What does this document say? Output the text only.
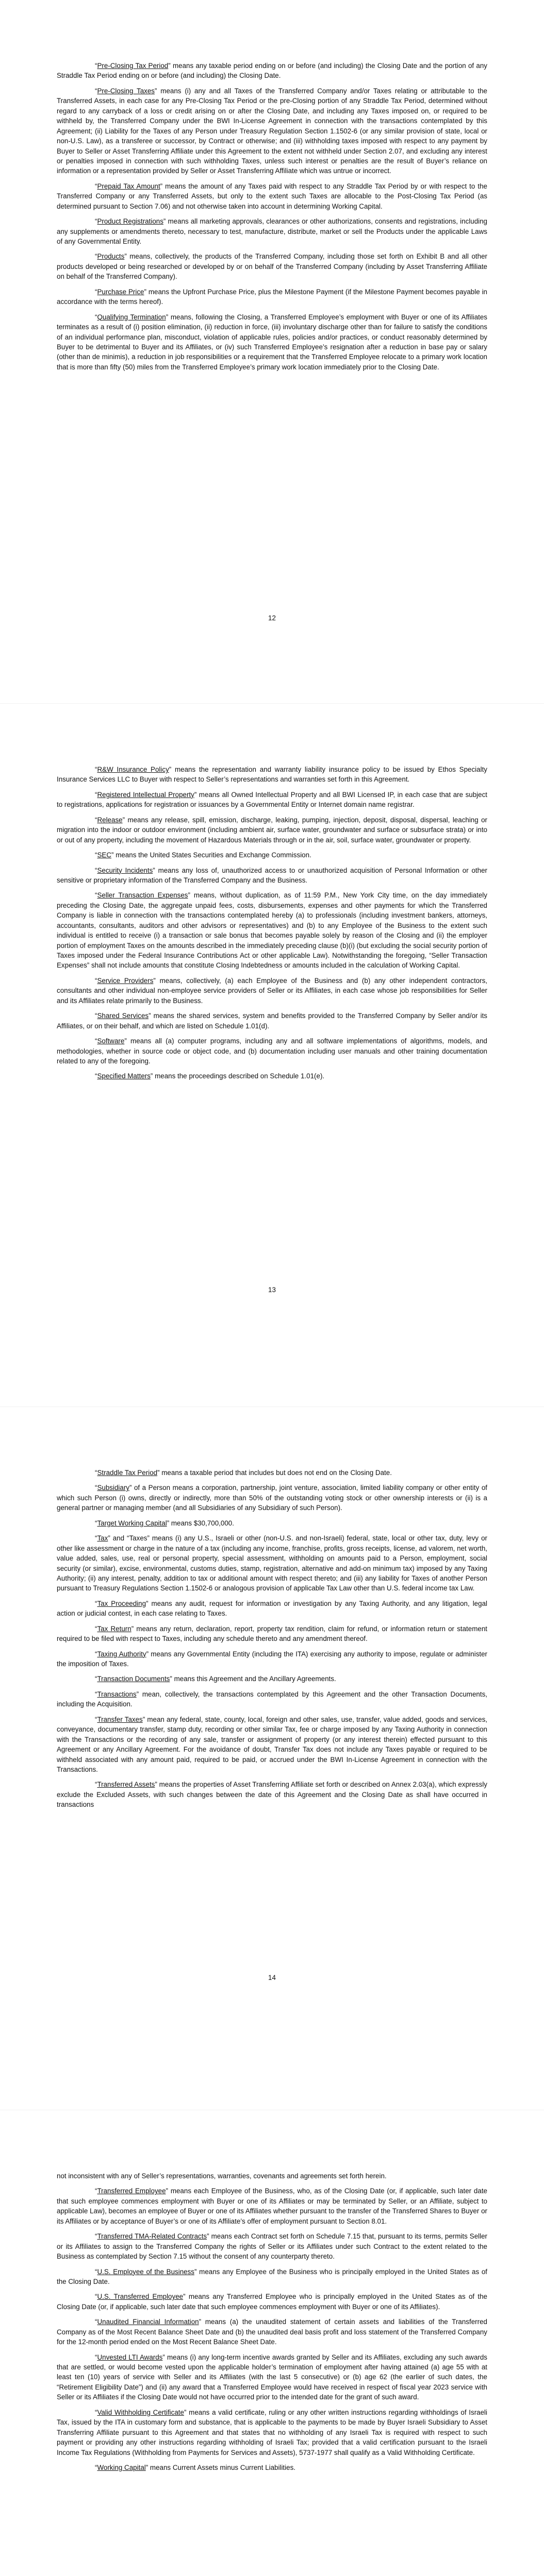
“Pre-Closing Tax Period” means any taxable period ending on or before (and including) the Closing Date and the portion of any Straddle Tax Period ending on or before (and including) the Closing Date.

“Pre-Closing Taxes” means (i) any and all Taxes of the Transferred Company and/or Taxes relating or attributable to the Transferred Assets, in each case for any Pre-Closing Tax Period or the pre-Closing portion of any Straddle Tax Period, determined without regard to any carryback of a loss or credit arising on or after the Closing Date, and including any Taxes imposed on, or required to be withheld by, the Transferred Company under the BWI In-License Agreement in connection with the transactions contemplated by this Agreement; (ii) Liability for the Taxes of any Person under Treasury Regulation Section 1.1502-6 (or any similar provision of state, local or non-U.S. Law), as a transferee or successor, by Contract or otherwise; and (iii) withholding taxes imposed with respect to any payment by Buyer to Seller or Asset Transferring Affiliate under this Agreement to the extent not withheld under Section 2.07, and excluding any interest or penalties imposed in connection with such withholding Taxes, unless such interest or penalties are the result of Buyer’s reliance on information or a representation provided by Seller or Asset Transferring Affiliate which was untrue or incorrect.

“Prepaid Tax Amount” means the amount of any Taxes paid with respect to any Straddle Tax Period by or with respect to the Transferred Company or any Transferred Assets, but only to the extent such Taxes are allocable to the Post-Closing Tax Period (as determined pursuant to Section 7.06) and not otherwise taken into account in determining Working Capital.

“Product Registrations” means all marketing approvals, clearances or other authorizations, consents and registrations, including any supplements or amendments thereto, necessary to test, manufacture, distribute, market or sell the Products under the applicable Laws of any Governmental Entity.

“Products” means, collectively, the products of the Transferred Company, including those set forth on Exhibit B and all other products developed or being researched or developed by or on behalf of the Transferred Company (including by Asset Transferring Affiliate on behalf of the Transferred Company).

“Purchase Price” means the Upfront Purchase Price, plus the Milestone Payment (if the Milestone Payment becomes payable in accordance with the terms hereof).

“Qualifying Termination” means, following the Closing, a Transferred Employee’s employment with Buyer or one of its Affiliates terminates as a result of (i) position elimination, (ii) reduction in force, (iii) involuntary discharge other than for failure to satisfy the conditions of an individual performance plan, misconduct, violation of applicable rules, policies and/or practices, or conduct reasonably determined by Buyer to be detrimental to Buyer and its Affiliates, or (iv) such Transferred Employee’s resignation after a reduction in base pay or salary (other than de minimis), a reduction in job responsibilities or a requirement that the Transferred Employee relocate to a primary work location that is more than fifty (50) miles from the Transferred Employee’s primary work location immediately prior to the Closing Date.

12

“R&W Insurance Policy” means the representation and warranty liability insurance policy to be issued by Ethos Specialty Insurance Services LLC to Buyer with respect to Seller’s representations and warranties set forth in this Agreement.

“Registered Intellectual Property” means all Owned Intellectual Property and all BWI Licensed IP, in each case that are subject to registrations, applications for registration or issuances by a Governmental Entity or Internet domain name registrar.

“Release” means any release, spill, emission, discharge, leaking, pumping, injection, deposit, disposal, dispersal, leaching or migration into the indoor or outdoor environment (including ambient air, surface water, groundwater and surface or subsurface strata) or into or out of any property, including the movement of Hazardous Materials through or in the air, soil, surface water, groundwater or property.

“SEC” means the United States Securities and Exchange Commission.

“Security Incidents” means any loss of, unauthorized access to or unauthorized acquisition of Personal Information or other sensitive or proprietary information of the Transferred Company and the Business.

“Seller Transaction Expenses” means, without duplication, as of 11:59 P.M., New York City time, on the day immediately preceding the Closing Date, the aggregate unpaid fees, costs, disbursements, expenses and other payments for which the Transferred Company is liable in connection with the transactions contemplated hereby (a) to professionals (including investment bankers, attorneys, accountants, consultants, auditors and other advisors or representatives) and (b) to any Employee of the Business to the extent such individual is entitled to receive (i) a transaction or sale bonus that becomes payable solely by reason of the Closing and (ii) the employer portion of employment Taxes on the amounts described in the immediately preceding clause (b)(i) (but excluding the social security portion of Taxes imposed under the Federal Insurance Contributions Act or other applicable Law). Notwithstanding the foregoing, “Seller Transaction Expenses” shall not include amounts that constitute Closing Indebtedness or amounts included in the calculation of Working Capital.

“Service Providers” means, collectively, (a) each Employee of the Business and (b) any other independent contractors, consultants and other individual non-employee service providers of Seller or its Affiliates, in each case whose job responsibilities for Seller and its Affiliates relate primarily to the Business.

“Shared Services” means the shared services, system and benefits provided to the Transferred Company by Seller and/or its Affiliates, or on their behalf, and which are listed on Schedule 1.01(d).

“Software” means all (a) computer programs, including any and all software implementations of algorithms, models, and methodologies, whether in source code or object code, and (b) documentation including user manuals and other training documentation related to any of the foregoing.

“Specified Matters” means the proceedings described on Schedule 1.01(e).

13

“Straddle Tax Period” means a taxable period that includes but does not end on the Closing Date.

“Subsidiary” of a Person means a corporation, partnership, joint venture, association, limited liability company or other entity of which such Person (i) owns, directly or indirectly, more than 50% of the outstanding voting stock or other ownership interests or (ii) is a general partner or managing member (and all Subsidiaries of any Subsidiary of such Person).

“Target Working Capital” means $30,700,000.

“Tax” and “Taxes” means (i) any U.S., Israeli or other (non-U.S. and non-Israeli) federal, state, local or other tax, duty, levy or other like assessment or charge in the nature of a tax (including any income, franchise, profits, gross receipts, license, ad valorem, net worth, value added, sales, use, real or personal property, special assessment, withholding on amounts paid to a Person, employment, social security (or similar), excise, environmental, customs duties, stamp, registration, alternative and add-on minimum tax) imposed by any Taxing Authority; (ii) any interest, penalty, addition to tax or additional amount with respect thereto; and (iii) any liability for Taxes of another Person pursuant to Treasury Regulations Section 1.1502-6 or analogous provision of applicable Tax Law other than U.S. federal income tax Law.

“Tax Proceeding” means any audit, request for information or investigation by any Taxing Authority, and any litigation, legal action or judicial contest, in each case relating to Taxes.

“Tax Return” means any return, declaration, report, property tax rendition, claim for refund, or information return or statement required to be filed with respect to Taxes, including any schedule thereto and any amendment thereof.

“Taxing Authority” means any Governmental Entity (including the ITA) exercising any authority to impose, regulate or administer the imposition of Taxes.

“Transaction Documents” means this Agreement and the Ancillary Agreements.

“Transactions” mean, collectively, the transactions contemplated by this Agreement and the other Transaction Documents, including the Acquisition.

“Transfer Taxes” mean any federal, state, county, local, foreign and other sales, use, transfer, value added, goods and services, conveyance, documentary transfer, stamp duty, recording or other similar Tax, fee or charge imposed by any Taxing Authority in connection with the Transactions or the recording of any sale, transfer or assignment of property (or any interest therein) effected pursuant to this Agreement or any Ancillary Agreement. For the avoidance of doubt, Transfer Tax does not include any Taxes payable or required to be withheld associated with any amount paid, required to be paid, or accrued under the BWI In-License Agreement in connection with the Transactions.

“Transferred Assets” means the properties of Asset Transferring Affiliate set forth or described on Annex 2.03(a), which expressly exclude the Excluded Assets, with such changes between the date of this Agreement and the Closing Date as shall have occurred in transactions

14

not inconsistent with any of Seller’s representations, warranties, covenants and agreements set forth herein.

“Transferred Employee” means each Employee of the Business, who, as of the Closing Date (or, if applicable, such later date that such employee commences employment with Buyer or one of its Affiliates or may be terminated by Seller, or an Affiliate, subject to applicable Law), becomes an employee of Buyer or one of its Affiliates whether pursuant to the transfer of the Transferred Shares to Buyer or its Affiliates or by acceptance of Buyer’s or one of its Affiliate’s offer of employment pursuant to Section 8.01.

“Transferred TMA-Related Contracts” means each Contract set forth on Schedule 7.15 that, pursuant to its terms, permits Seller or its Affiliates to assign to the Transferred Company the rights of Seller or its Affiliates under such Contract to the extent related to the Business as contemplated by Section 7.15 without the consent of any counterparty thereto.

“U.S. Employee of the Business” means any Employee of the Business who is principally employed in the United States as of the Closing Date.

“U.S. Transferred Employee” means any Transferred Employee who is principally employed in the United States as of the Closing Date (or, if applicable, such later date that such employee commences employment with Buyer or one of its Affiliates).

“Unaudited Financial Information” means (a) the unaudited statement of certain assets and liabilities of the Transferred Company as of the Most Recent Balance Sheet Date and (b) the unaudited deal basis profit and loss statement of the Transferred Company for the 12-month period ended on the Most Recent Balance Sheet Date.

“Unvested LTI Awards” means (i) any long-term incentive awards granted by Seller and its Affiliates, excluding any such awards that are settled, or would become vested upon the applicable holder’s termination of employment after having attained (a) age 55 with at least ten (10) years of service with Seller and its Affiliates (with the last 5 consecutive) or (b) age 62 (the earlier of such dates, the “Retirement Eligibility Date”) and (ii) any award that a Transferred Employee would have received in respect of fiscal year 2023 service with Seller or its Affiliates if the Closing Date would not have occurred prior to the intended date for the grant of such award.

“Valid Withholding Certificate” means a valid certificate, ruling or any other written instructions regarding withholdings of Israeli Tax, issued by the ITA in customary form and substance, that is applicable to the payments to be made by Buyer Israeli Subsidiary to Asset Transferring Affiliate pursuant to this Agreement and that states that no withholding of any Israeli Tax is required with respect to such payment or providing any other instructions regarding withholding of Israeli Tax; provided that a valid certification pursuant to the Israeli Income Tax Regulations (Withholding from Payments for Services and Assets), 5737-1977 shall qualify as a Valid Withholding Certificate.

“Working Capital” means Current Assets minus Current Liabilities.
